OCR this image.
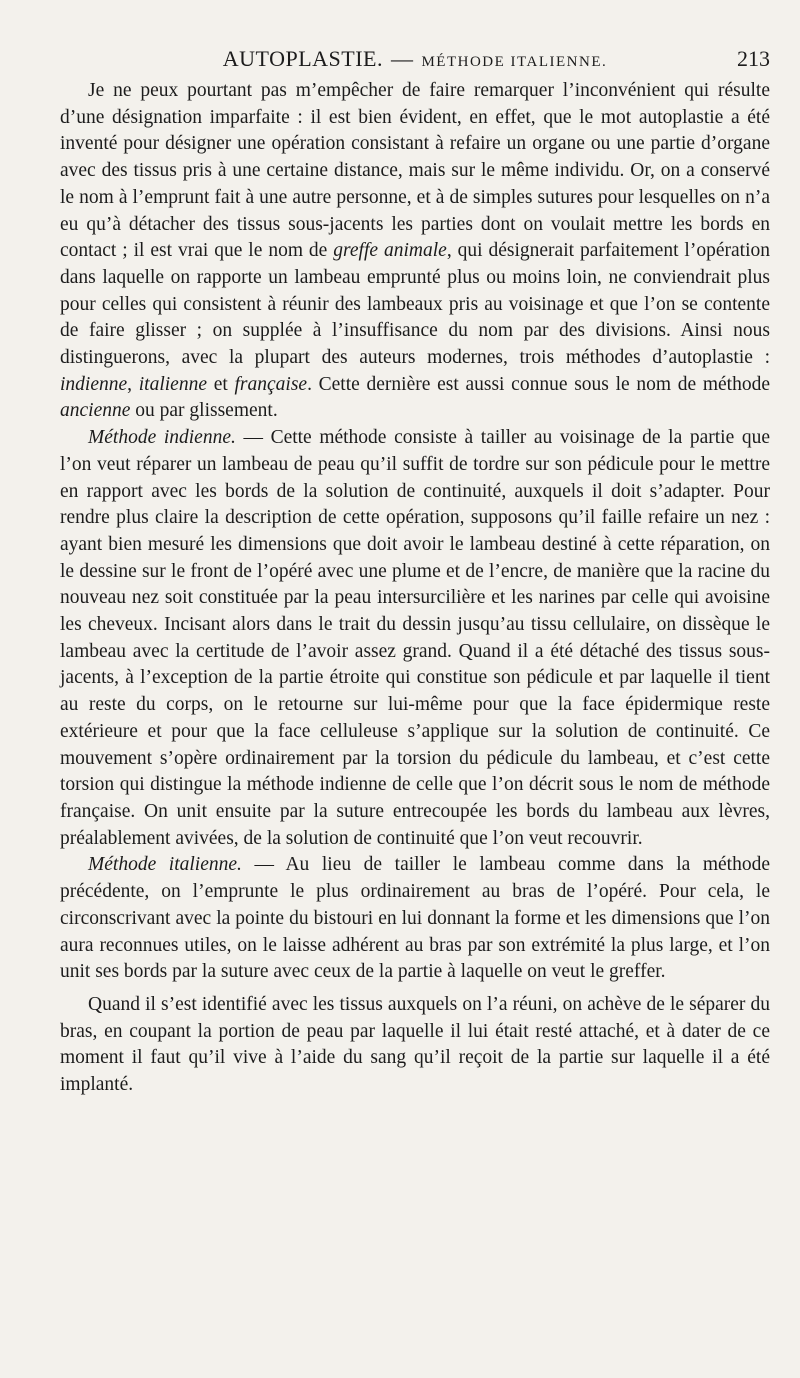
AUTOPLASTIE. — MÉTHODE ITALIENNE.	213

Je ne peux pourtant pas m’empêcher de faire remarquer l’inconvénient qui résulte d’une désignation imparfaite : il est bien évident, en effet, que le mot autoplastie a été inventé pour désigner une opération consistant à refaire un organe ou une partie d’organe avec des tissus pris à une certaine distance, mais sur le même individu. Or, on a conservé le nom à l’emprunt fait à une autre personne, et à de simples sutures pour lesquelles on n’a eu qu’à détacher des tissus sous-jacents les parties dont on voulait mettre les bords en contact ; il est vrai que le nom de greffe animale, qui désignerait parfaitement l’opération dans laquelle on rapporte un lambeau emprunté plus ou moins loin, ne conviendrait plus pour celles qui consistent à réunir des lambeaux pris au voisinage et que l’on se contente de faire glisser ; on supplée à l’insuffisance du nom par des divisions. Ainsi nous distinguerons, avec la plupart des auteurs modernes, trois méthodes d’autoplastie : indienne, italienne et française. Cette dernière est aussi connue sous le nom de méthode ancienne ou par glissement.

Méthode indienne. — Cette méthode consiste à tailler au voisinage de la partie que l’on veut réparer un lambeau de peau qu’il suffit de tordre sur son pédicule pour le mettre en rapport avec les bords de la solution de continuité, auxquels il doit s’adapter. Pour rendre plus claire la description de cette opération, supposons qu’il faille refaire un nez : ayant bien mesuré les dimensions que doit avoir le lambeau destiné à cette réparation, on le dessine sur le front de l’opéré avec une plume et de l’encre, de manière que la racine du nouveau nez soit constituée par la peau intersurcilière et les narines par celle qui avoisine les cheveux. Incisant alors dans le trait du dessin jusqu’au tissu cellulaire, on dissèque le lambeau avec la certitude de l’avoir assez grand. Quand il a été détaché des tissus sous-jacents, à l’exception de la partie étroite qui constitue son pédicule et par laquelle il tient au reste du corps, on le retourne sur lui-même pour que la face épidermique reste extérieure et pour que la face celluleuse s’applique sur la solution de continuité. Ce mouvement s’opère ordinairement par la torsion du pédicule du lambeau, et c’est cette torsion qui distingue la méthode indienne de celle que l’on décrit sous le nom de méthode française. On unit ensuite par la suture entrecoupée les bords du lambeau aux lèvres, préalablement avivées, de la solution de continuité que l’on veut recouvrir.

Méthode italienne. — Au lieu de tailler le lambeau comme dans la méthode précédente, on l’emprunte le plus ordinairement au bras de l’opéré. Pour cela, le circonscrivant avec la pointe du bistouri en lui donnant la forme et les dimensions que l’on aura reconnues utiles, on le laisse adhérent au bras par son extrémité la plus large, et l’on unit ses bords par la suture avec ceux de la partie à laquelle on veut le greffer.

Quand il s’est identifié avec les tissus auxquels on l’a réuni, on achève de le séparer du bras, en coupant la portion de peau par laquelle il lui était resté attaché, et à dater de ce moment il faut qu’il vive à l’aide du sang qu’il reçoit de la partie sur laquelle il a été implanté.
